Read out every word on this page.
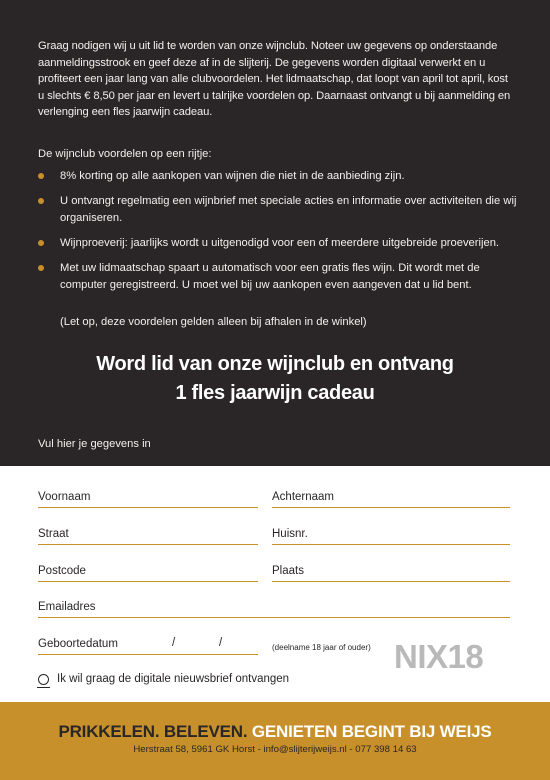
Graag nodigen wij u uit lid te worden van onze wijnclub. Noteer uw gegevens op onderstaande aanmeldingsstrook en geef deze af in de slijterij. De gegevens worden digitaal verwerkt en u profiteert een jaar lang van alle clubvoordelen. Het lidmaatschap, dat loopt van april tot april, kost u slechts € 8,50 per jaar en levert u talrijke voordelen op. Daarnaast ontvangt u bij aanmelding en verlenging een fles jaarwijn cadeau.

De wijnclub voordelen op een rijtje:

8% korting op alle aankopen van wijnen die niet in de aanbieding zijn.
U ontvangt regelmatig een wijnbrief met speciale acties en informatie over activiteiten die wij organiseren.
Wijnproeverij: jaarlijks wordt u uitgenodigd voor een of meerdere uitgebreide proeverijen.
Met uw lidmaatschap spaart u automatisch voor een gratis fles wijn. Dit wordt met de computer geregistreerd. U moet wel bij uw aankopen even aangeven dat u lid bent.

(Let op, deze voordelen gelden alleen bij afhalen in de winkel)

Word lid van onze wijnclub en ontvang
1 fles jaarwijn cadeau

Vul hier je gegevens in

Voornaam	Achternaam
Straat	Huisnr.
Postcode	Plaats
Emailadres
Geboortedatum	/	/	(deelname 18 jaar of ouder) NIX18
Ik wil graag de digitale nieuwsbrief ontvangen
PRIKKELEN. BELEVEN. GENIETEN BEGINT BIJ WEIJS
Herstraat 58, 5961 GK Horst - info@slijterijweijs.nl - 077 398 14 63
